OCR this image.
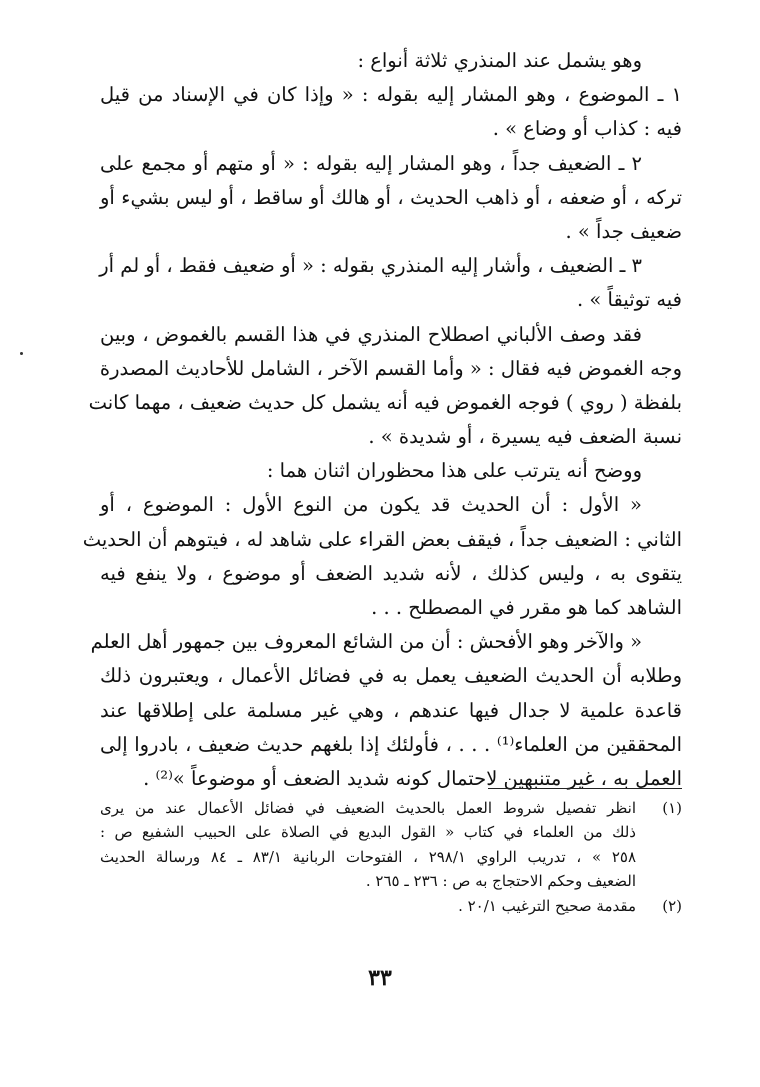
وهو يشمل عند المنذري ثلاثة أنواع :
١ ـ الموضوع ، وهو المشار إليه بقوله : « وإذا كان في الإسناد من قيل
فيه : كذاب أو وضاع » .
٢ ـ الضعيف جداً ، وهو المشار إليه بقوله : « أو متهم أو مجمع على
تركه ، أو ضعفه ، أو ذاهب الحديث ، أو هالك أو ساقط ، أو ليس بشيء أو
ضعيف جداً » .
٣ ـ الضعيف ، وأشار إليه المنذري بقوله : « أو ضعيف فقط ، أو لم أر
فيه توثيقاً » .
فقد وصف الألباني اصطلاح المنذري في هذا القسم بالغموض ، وبين
وجه الغموض فيه فقال : « وأما القسم الآخر ، الشامل للأحاديث المصدرة
بلفظة ( روي ) فوجه الغموض فيه أنه يشمل كل حديث ضعيف ، مهما كانت
نسبة الضعف فيه يسيرة ، أو شديدة » .
ووضح أنه يترتب على هذا محظوران اثنان هما :
« الأول : أن الحديث قد يكون من النوع الأول : الموضوع ، أو
الثاني : الضعيف جداً ، فيقف بعض القراء على شاهد له ، فيتوهم أن الحديث
يتقوى به ، وليس كذلك ، لأنه شديد الضعف أو موضوع ، ولا ينفع فيه
الشاهد كما هو مقرر في المصطلح . . .
« والآخر وهو الأفحش : أن من الشائع المعروف بين جمهور أهل العلم
وطلابه أن الحديث الضعيف يعمل به في فضائل الأعمال ، ويعتبرون ذلك
قاعدة علمية لا جدال فيها عندهم ، وهي غير مسلمة على إطلاقها عند
المحققين من العلماء⁽¹⁾ . . . ، فأولئك إذا بلغهم حديث ضعيف ، بادروا إلى
العمل به ، غير متنبهين لاحتمال كونه شديد الضعف أو موضوعاً »⁽²⁾ .
(١)
انظر تفصيل شروط العمل بالحديث الضعيف في فضائل الأعمال عند من يرى
ذلك من العلماء في كتاب « القول البديع في الصلاة على الحبيب الشفيع ص :
٢٥٨ » ، تدريب الراوي ٢٩٨/١ ، الفتوحات الربانية ٨٣/١ ـ ٨٤ ورسالة الحديث
الضعيف وحكم الاحتجاج به ص : ٢٣٦ ـ ٢٦٥ .
(٢)
مقدمة صحيح الترغيب ٢٠/١ .
٣٣
